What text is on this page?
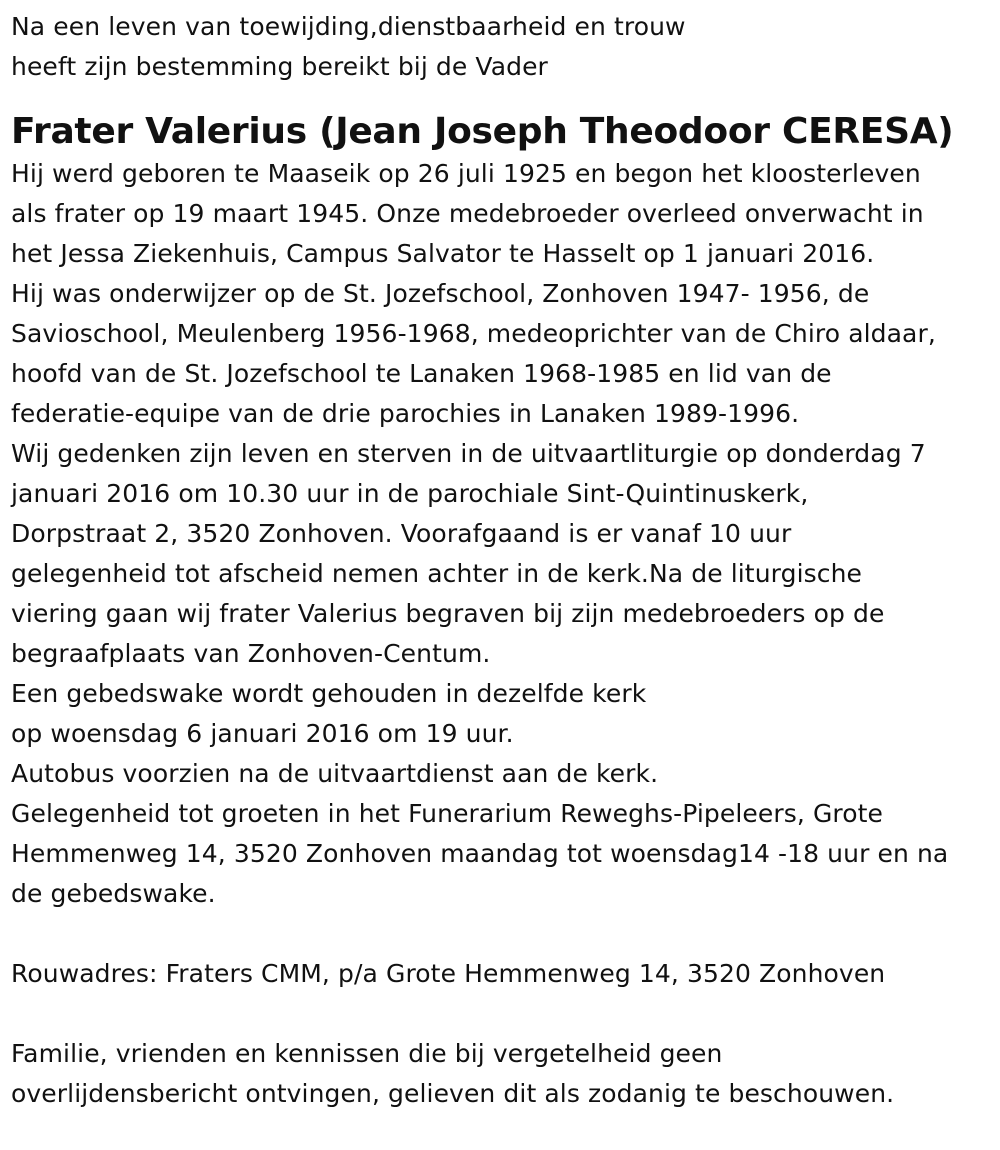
Na een leven van toewijding,dienstbaarheid en trouw
heeft zijn bestemming bereikt bij de Vader
Frater Valerius (Jean Joseph Theodoor CERESA)
Hij werd geboren te Maaseik op 26 juli 1925 en begon het kloosterleven
als frater op 19 maart 1945. Onze medebroeder overleed onverwacht in
het Jessa Ziekenhuis, Campus Salvator te Hasselt op 1 januari 2016.
Hij was onderwijzer op de St. Jozefschool, Zonhoven 1947- 1956, de
Savioschool, Meulenberg 1956-1968, medeoprichter van de Chiro aldaar,
hoofd van de St. Jozefschool te Lanaken 1968-1985 en lid van de
federatie-equipe van de drie parochies in Lanaken 1989-1996.
Wij gedenken zijn leven en sterven in de uitvaartliturgie op donderdag 7
januari 2016 om 10.30 uur in de parochiale Sint-Quintinuskerk,
Dorpstraat 2, 3520 Zonhoven. Voorafgaand is er vanaf 10 uur
gelegenheid tot afscheid nemen achter in de kerk.Na de liturgische
viering gaan wij frater Valerius begraven bij zijn medebroeders op de
begraafplaats van Zonhoven-Centum.
Een gebedswake wordt gehouden in dezelfde kerk
op woensdag 6 januari 2016 om 19 uur.
Autobus voorzien na de uitvaartdienst aan de kerk.
Gelegenheid tot groeten in het Funerarium Reweghs-Pipeleers, Grote
Hemmenweg 14, 3520 Zonhoven maandag tot woensdag14 -18 uur en na
de gebedswake.
Rouwadres: Fraters CMM, p/a Grote Hemmenweg 14, 3520 Zonhoven
Familie, vrienden en kennissen die bij vergetelheid geen
overlijdensbericht ontvingen, gelieven dit als zodanig te beschouwen.
